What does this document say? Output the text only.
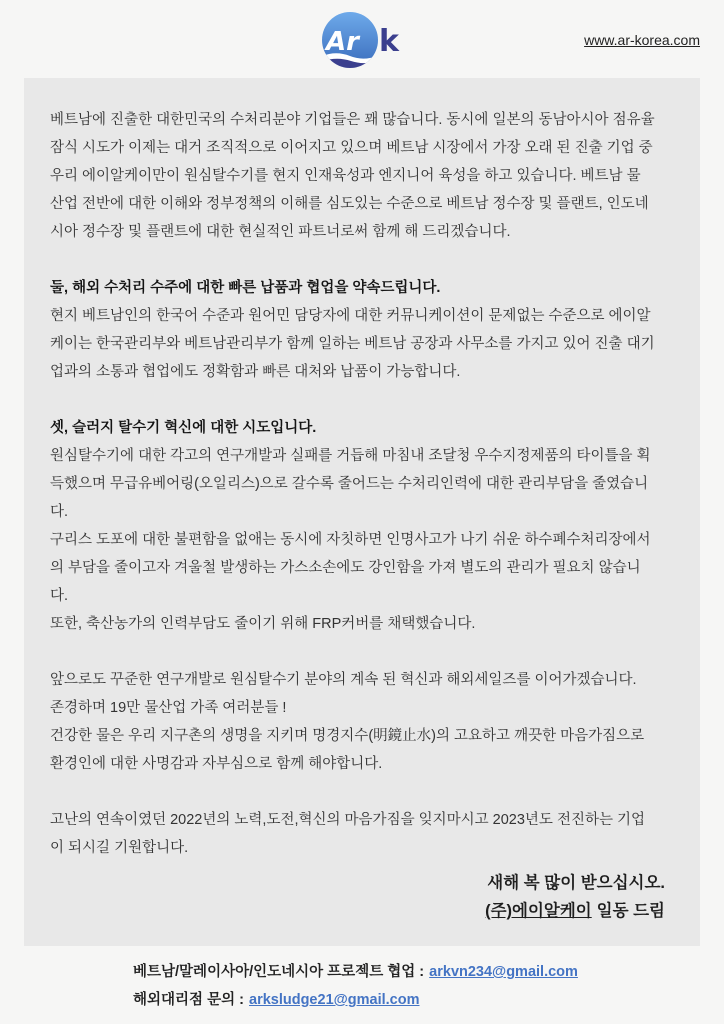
Ar k	www.ar-korea.com
베트남에 진출한 대한민국의 수처리분야 기업들은 꽤 많습니다. 동시에 일본의 동남아시아 점유율
잠식 시도가 이제는 대거 조직적으로 이어지고 있으며 베트남 시장에서 가장 오래 된 진출 기업 중
우리 에이알케이만이 원심탈수기를 현지 인재육성과 엔지니어 육성을 하고 있습니다. 베트남 물
산업 전반에 대한 이해와 정부정책의 이해를 심도있는 수준으로 베트남 정수장 및 플랜트, 인도네
시아 정수장 및 플랜트에 대한 현실적인 파트너로써 함께 해 드리겠습니다.
둘, 해외 수처리 수주에 대한 빠른 납품과 협업을 약속드립니다.
현지 베트남인의 한국어 수준과 원어민 담당자에 대한 커뮤니케이션이 문제없는 수준으로 에이알
케이는 한국관리부와 베트남관리부가 함께 일하는 베트남 공장과 사무소를 가지고 있어 진출 대기
업과의 소통과 협업에도 정확함과 빠른 대처와 납품이 가능합니다.
셋, 슬러지 탈수기 혁신에 대한 시도입니다.
원심탈수기에 대한 각고의 연구개발과 실패를 거듭해 마침내 조달청 우수지정제품의 타이틀을 획
득했으며 무급유베어링(오일리스)으로 갈수록 줄어드는 수처리인력에 대한 관리부담을 줄였습니
다.
구리스 도포에 대한 불편함을 없애는 동시에 자칫하면 인명사고가 나기 쉬운 하수폐수처리장에서
의 부담을 줄이고자 겨울철 발생하는 가스소손에도 강인함을 가져 별도의 관리가 필요치 않습니
다.
또한, 축산농가의 인력부담도 줄이기 위해 FRP커버를 채택했습니다.
앞으로도 꾸준한 연구개발로 원심탈수기 분야의 계속 된 혁신과 해외세일즈를 이어가겠습니다.
존경하며 19만 물산업 가족 여러분들 !
건강한 물은 우리 지구촌의 생명을 지키며 명경지수(明鏡止水)의 고요하고 깨끗한 마음가짐으로
환경인에 대한 사명감과 자부심으로 함께 해야합니다.
고난의 연속이였던 2022년의 노력,도전,혁신의 마음가짐을 잊지마시고 2023년도 전진하는 기업
이 되시길 기원합니다.
새해 복 많이 받으십시오.
(주)에이알케이 일동 드림
베트남/말레이사아/인도네시아 프로젝트 협업 : arkvn234@gmail.com
해외대리점 문의 : arksludge21@gmail.com
